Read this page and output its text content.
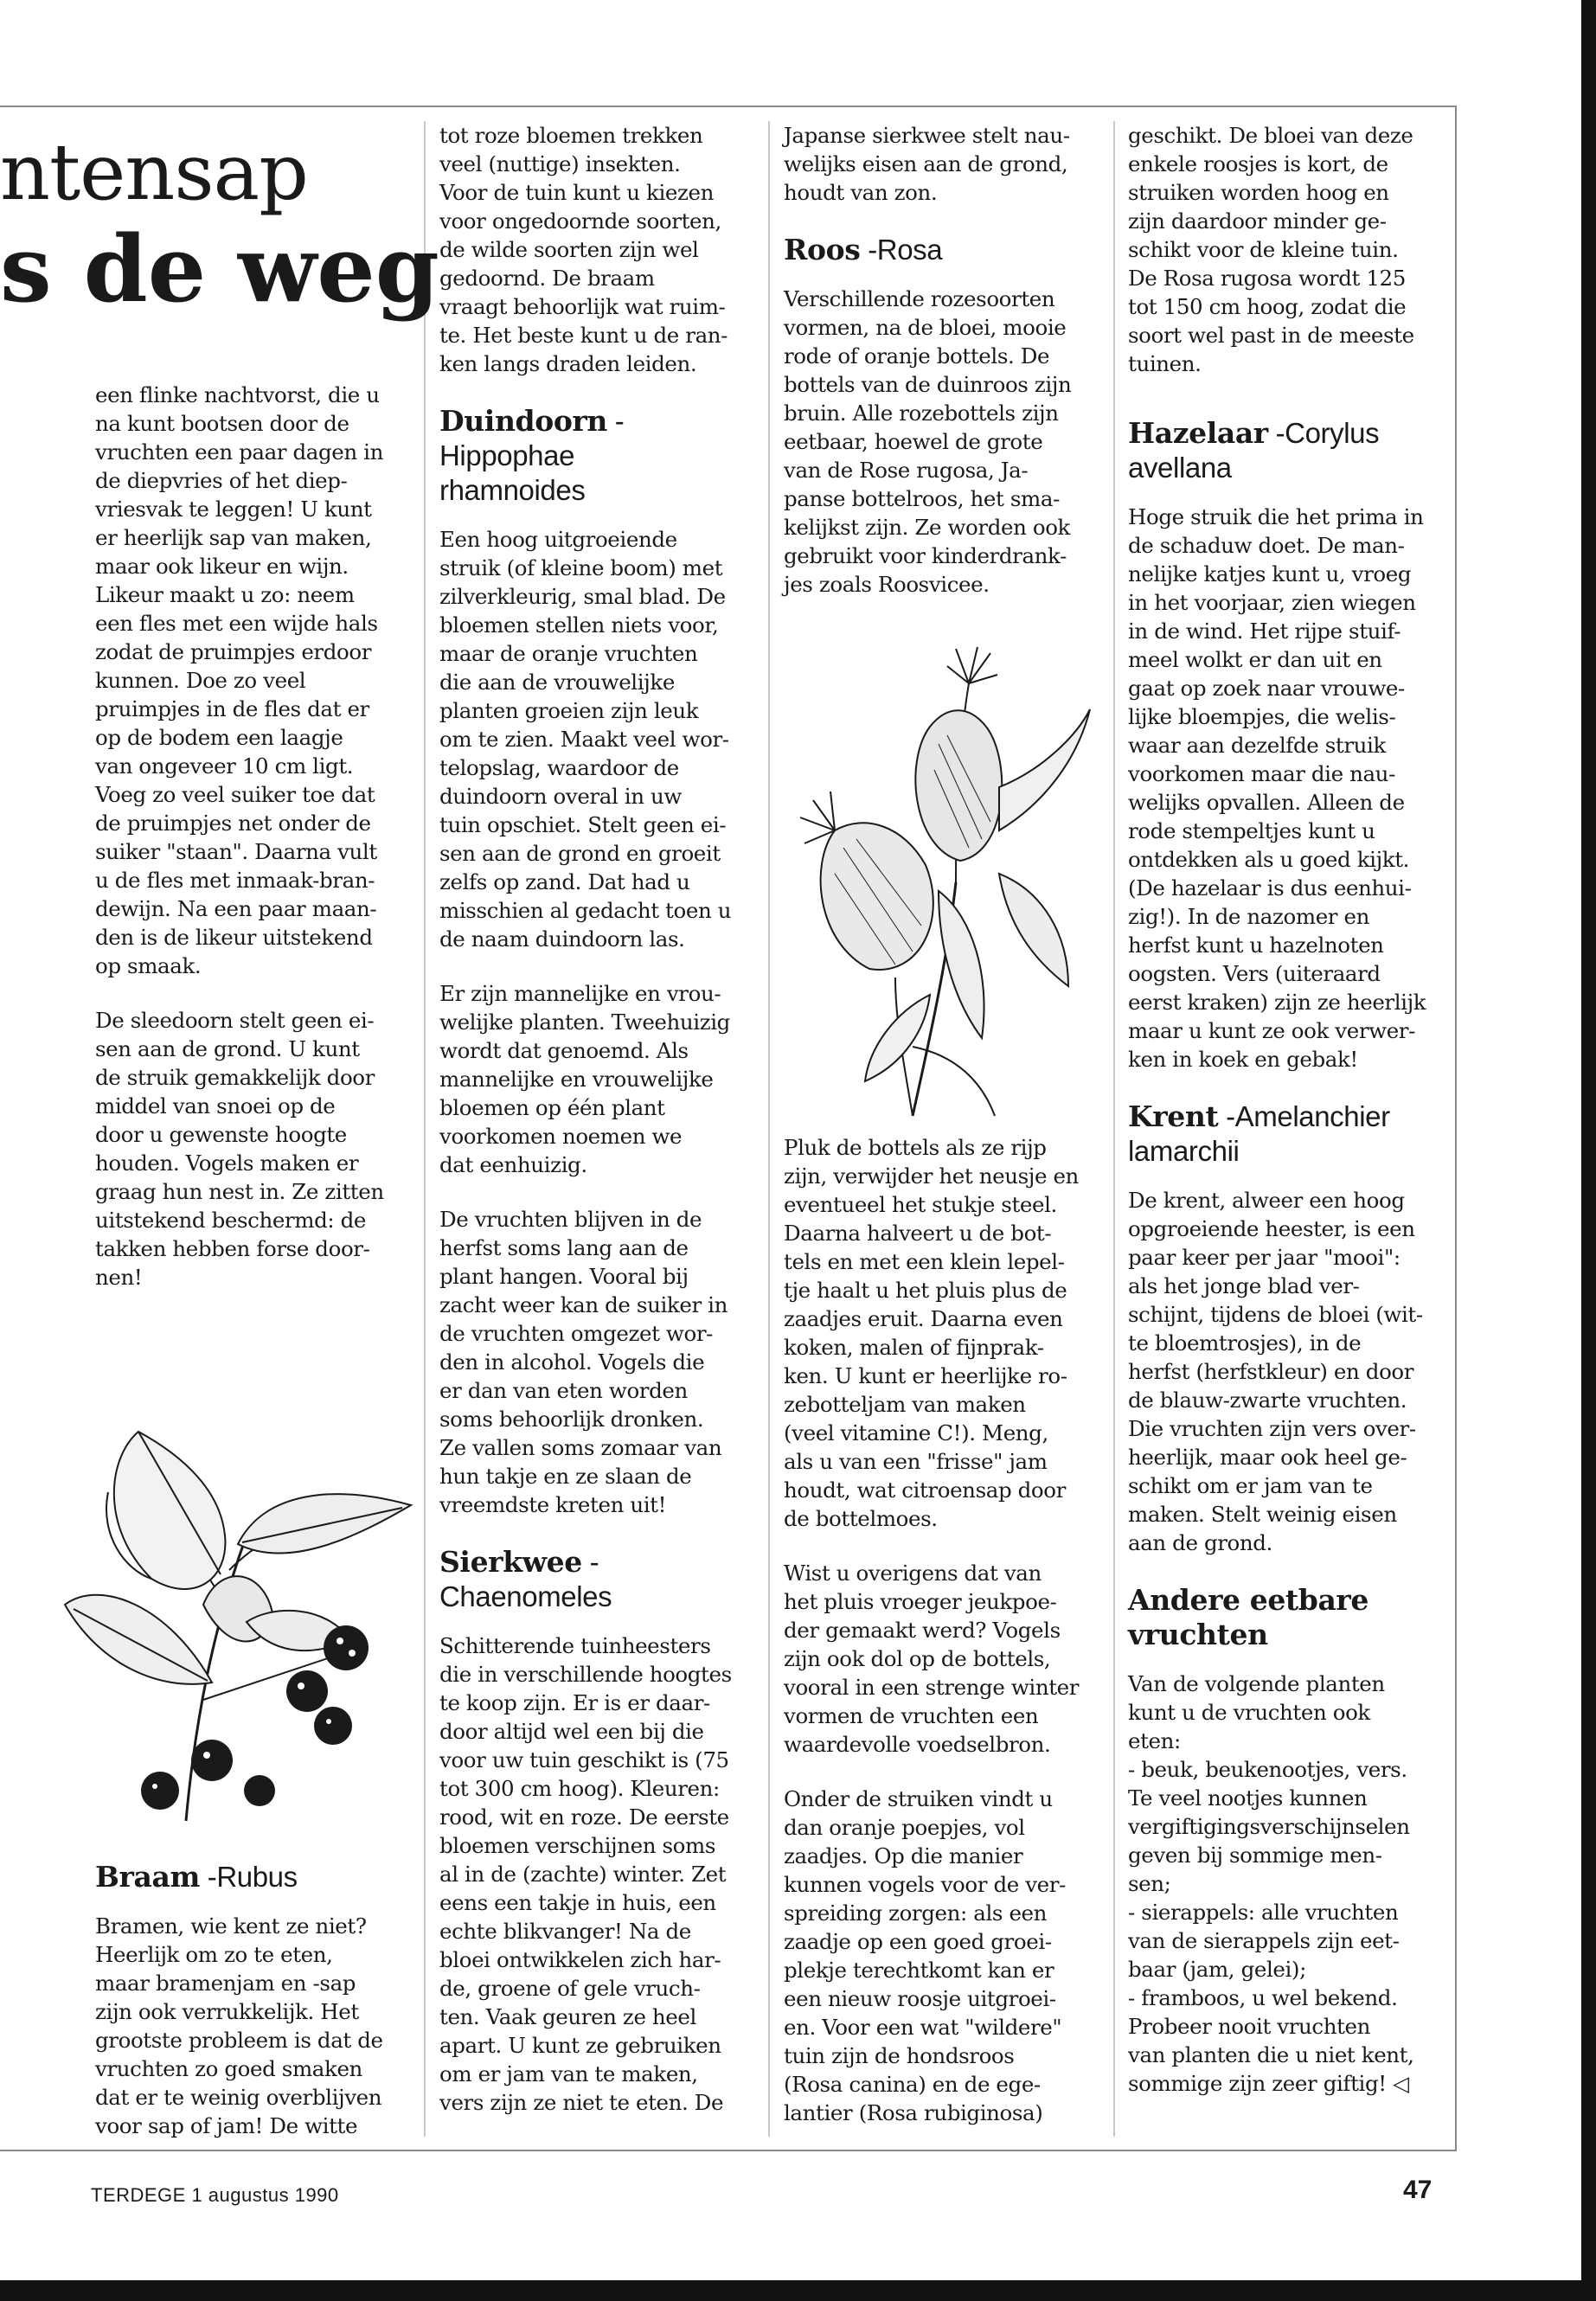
ntensap
s de weg

een flinke nachtvorst, die u
na kunt bootsen door de
vruchten een paar dagen in
de diepvries of het diep-
vriesvak te leggen! U kunt
er heerlijk sap van maken,
maar ook likeur en wijn.
Likeur maakt u zo: neem
een fles met een wijde hals
zodat de pruimpjes erdoor
kunnen. Doe zo veel
pruimpjes in de fles dat er
op de bodem een laagje
van ongeveer 10 cm ligt.
Voeg zo veel suiker toe dat
de pruimpjes net onder de
suiker "staan". Daarna vult
u de fles met inmaak-bran-
dewijn. Na een paar maan-
den is de likeur uitstekend
op smaak.

De sleedoorn stelt geen ei-
sen aan de grond. U kunt
de struik gemakkelijk door
middel van snoei op de
door u gewenste hoogte
houden. Vogels maken er
graag hun nest in. Ze zitten
uitstekend beschermd: de
takken hebben forse door-
nen!

Braam -Rubus

Bramen, wie kent ze niet?
Heerlijk om zo te eten,
maar bramenjam en -sap
zijn ook verrukkelijk. Het
grootste probleem is dat de
vruchten zo goed smaken
dat er te weinig overblijven
voor sap of jam! De witte

tot roze bloemen trekken
veel (nuttige) insekten.
Voor de tuin kunt u kiezen
voor ongedoornde soorten,
de wilde soorten zijn wel
gedoornd. De braam
vraagt behoorlijk wat ruim-
te. Het beste kunt u de ran-
ken langs draden leiden.

Duindoorn -
Hippophae
rhamnoides

Een hoog uitgroeiende
struik (of kleine boom) met
zilverkleurig, smal blad. De
bloemen stellen niets voor,
maar de oranje vruchten
die aan de vrouwelijke
planten groeien zijn leuk
om te zien. Maakt veel wor-
telopslag, waardoor de
duindoorn overal in uw
tuin opschiet. Stelt geen ei-
sen aan de grond en groeit
zelfs op zand. Dat had u
misschien al gedacht toen u
de naam duindoorn las.

Er zijn mannelijke en vrou-
welijke planten. Tweehuizig
wordt dat genoemd. Als
mannelijke en vrouwelijke
bloemen op één plant
voorkomen noemen we
dat eenhuizig.

De vruchten blijven in de
herfst soms lang aan de
plant hangen. Vooral bij
zacht weer kan de suiker in
de vruchten omgezet wor-
den in alcohol. Vogels die
er dan van eten worden
soms behoorlijk dronken.
Ze vallen soms zomaar van
hun takje en ze slaan de
vreemdste kreten uit!

Sierkwee -
Chaenomeles

Schitterende tuinheesters
die in verschillende hoogtes
te koop zijn. Er is er daar-
door altijd wel een bij die
voor uw tuin geschikt is (75
tot 300 cm hoog). Kleuren:
rood, wit en roze. De eerste
bloemen verschijnen soms
al in de (zachte) winter. Zet
eens een takje in huis, een
echte blikvanger! Na de
bloei ontwikkelen zich har-
de, groene of gele vruch-
ten. Vaak geuren ze heel
apart. U kunt ze gebruiken
om er jam van te maken,
vers zijn ze niet te eten. De

Japanse sierkwee stelt nau-
welijks eisen aan de grond,
houdt van zon.

Roos -Rosa

Verschillende rozesoorten
vormen, na de bloei, mooie
rode of oranje bottels. De
bottels van de duinroos zijn
bruin. Alle rozebottels zijn
eetbaar, hoewel de grote
van de Rose rugosa, Ja-
panse bottelroos, het sma-
kelijkst zijn. Ze worden ook
gebruikt voor kinderdrank-
jes zoals Roosvicee.

Pluk de bottels als ze rijp
zijn, verwijder het neusje en
eventueel het stukje steel.
Daarna halveert u de bot-
tels en met een klein lepel-
tje haalt u het pluis plus de
zaadjes eruit. Daarna even
koken, malen of fijnprak-
ken. U kunt er heerlijke ro-
zebotteljam van maken
(veel vitamine C!). Meng,
als u van een "frisse" jam
houdt, wat citroensap door
de bottelmoes.

Wist u overigens dat van
het pluis vroeger jeukpoe-
der gemaakt werd? Vogels
zijn ook dol op de bottels,
vooral in een strenge winter
vormen de vruchten een
waardevolle voedselbron.

Onder de struiken vindt u
dan oranje poepjes, vol
zaadjes. Op die manier
kunnen vogels voor de ver-
spreiding zorgen: als een
zaadje op een goed groei-
plekje terechtkomt kan er
een nieuw roosje uitgroei-
en. Voor een wat "wildere"
tuin zijn de hondsroos
(Rosa canina) en de ege-
lantier (Rosa rubiginosa)

geschikt. De bloei van deze
enkele roosjes is kort, de
struiken worden hoog en
zijn daardoor minder ge-
schikt voor de kleine tuin.
De Rosa rugosa wordt 125
tot 150 cm hoog, zodat die
soort wel past in de meeste
tuinen.

Hazelaar -Corylus
avellana

Hoge struik die het prima in
de schaduw doet. De man-
nelijke katjes kunt u, vroeg
in het voorjaar, zien wiegen
in de wind. Het rijpe stuif-
meel wolkt er dan uit en
gaat op zoek naar vrouwe-
lijke bloempjes, die welis-
waar aan dezelfde struik
voorkomen maar die nau-
welijks opvallen. Alleen de
rode stempeltjes kunt u
ontdekken als u goed kijkt.
(De hazelaar is dus eenhui-
zig!). In de nazomer en
herfst kunt u hazelnoten
oogsten. Vers (uiteraard
eerst kraken) zijn ze heerlijk
maar u kunt ze ook verwer-
ken in koek en gebak!

Krent -Amelanchier
lamarchii

De krent, alweer een hoog
opgroeiende heester, is een
paar keer per jaar "mooi":
als het jonge blad ver-
schijnt, tijdens de bloei (wit-
te bloemtrosjes), in de
herfst (herfstkleur) en door
de blauw-zwarte vruchten.
Die vruchten zijn vers over-
heerlijk, maar ook heel ge-
schikt om er jam van te
maken. Stelt weinig eisen
aan de grond.

Andere eetbare
vruchten

Van de volgende planten
kunt u de vruchten ook
eten:
- beuk, beukenootjes, vers.
Te veel nootjes kunnen
vergiftigingsverschijnselen
geven bij sommige men-
sen;
- sierappels: alle vruchten
van de sierappels zijn eet-
baar (jam, gelei);
- framboos, u wel bekend.
Probeer nooit vruchten
van planten die u niet kent,
sommige zijn zeer giftig! ◁

TERDEGE 1 augustus 1990	47
